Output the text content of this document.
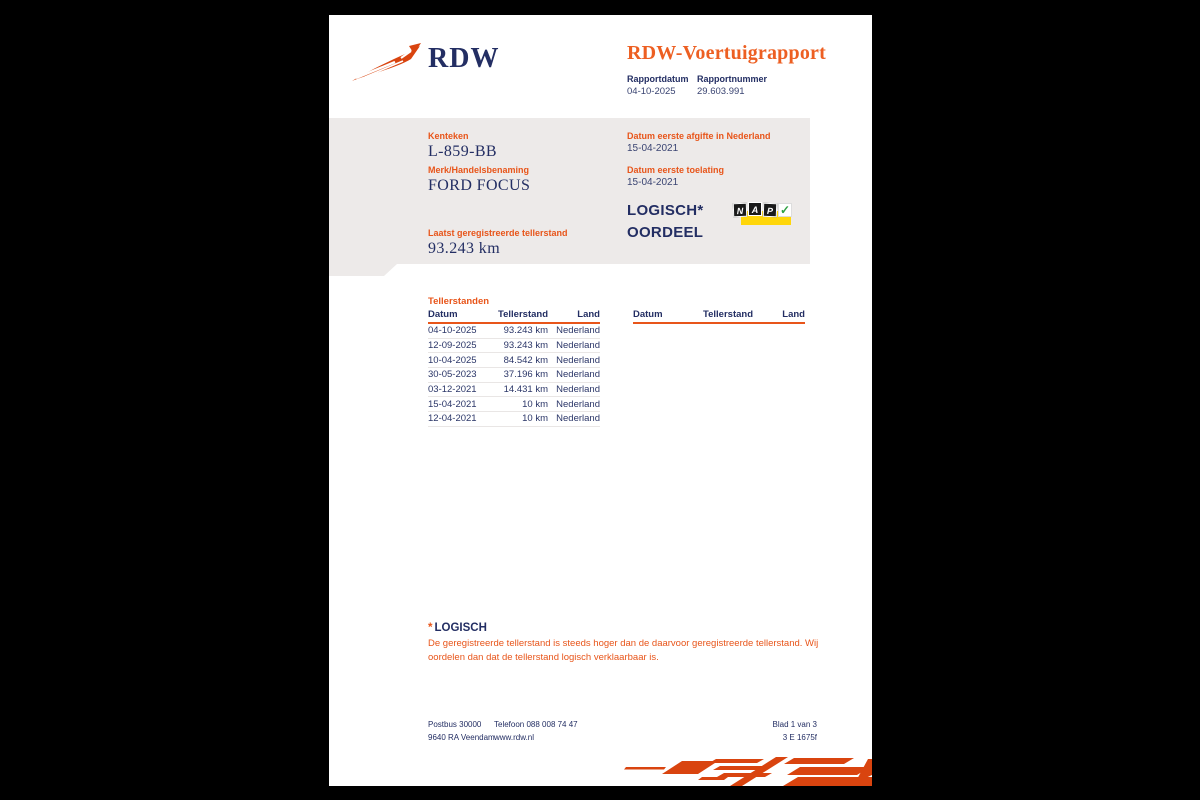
RDW	RDW-Voertuigrapport
Rapportdatum Rapportnummer
04-10-2025 29.603.991
Kenteken
L-859-BB
Merk/Handelsbenaming
FORD FOCUS
Laatst geregistreerde tellerstand
93.243 km
Datum eerste afgifte in Nederland
15-04-2021
Datum eerste toelating
15-04-2021
LOGISCH*
OORDEEL
N A P ✓
Tellerstanden
Datum	Tellerstand	Land
04-10-2025	93.243 km Nederland
12-09-2025	93.243 km Nederland
10-04-2025	84.542 km Nederland
30-05-2023	37.196 km Nederland
03-12-2021	14.431 km Nederland
15-04-2021	10 km Nederland
12-04-2021	10 km Nederland
Datum	Tellerstand	Land
* LOGISCH
De geregistreerde tellerstand is steeds hoger dan de daarvoor geregistreerde tellerstand. Wij oordelen dan dat de tellerstand logisch verklaarbaar is.
Postbus 30000
9640 RA Veendam
Telefoon 088 008 74 47
www.rdw.nl
Blad 1 van 3
3 E 1675f
